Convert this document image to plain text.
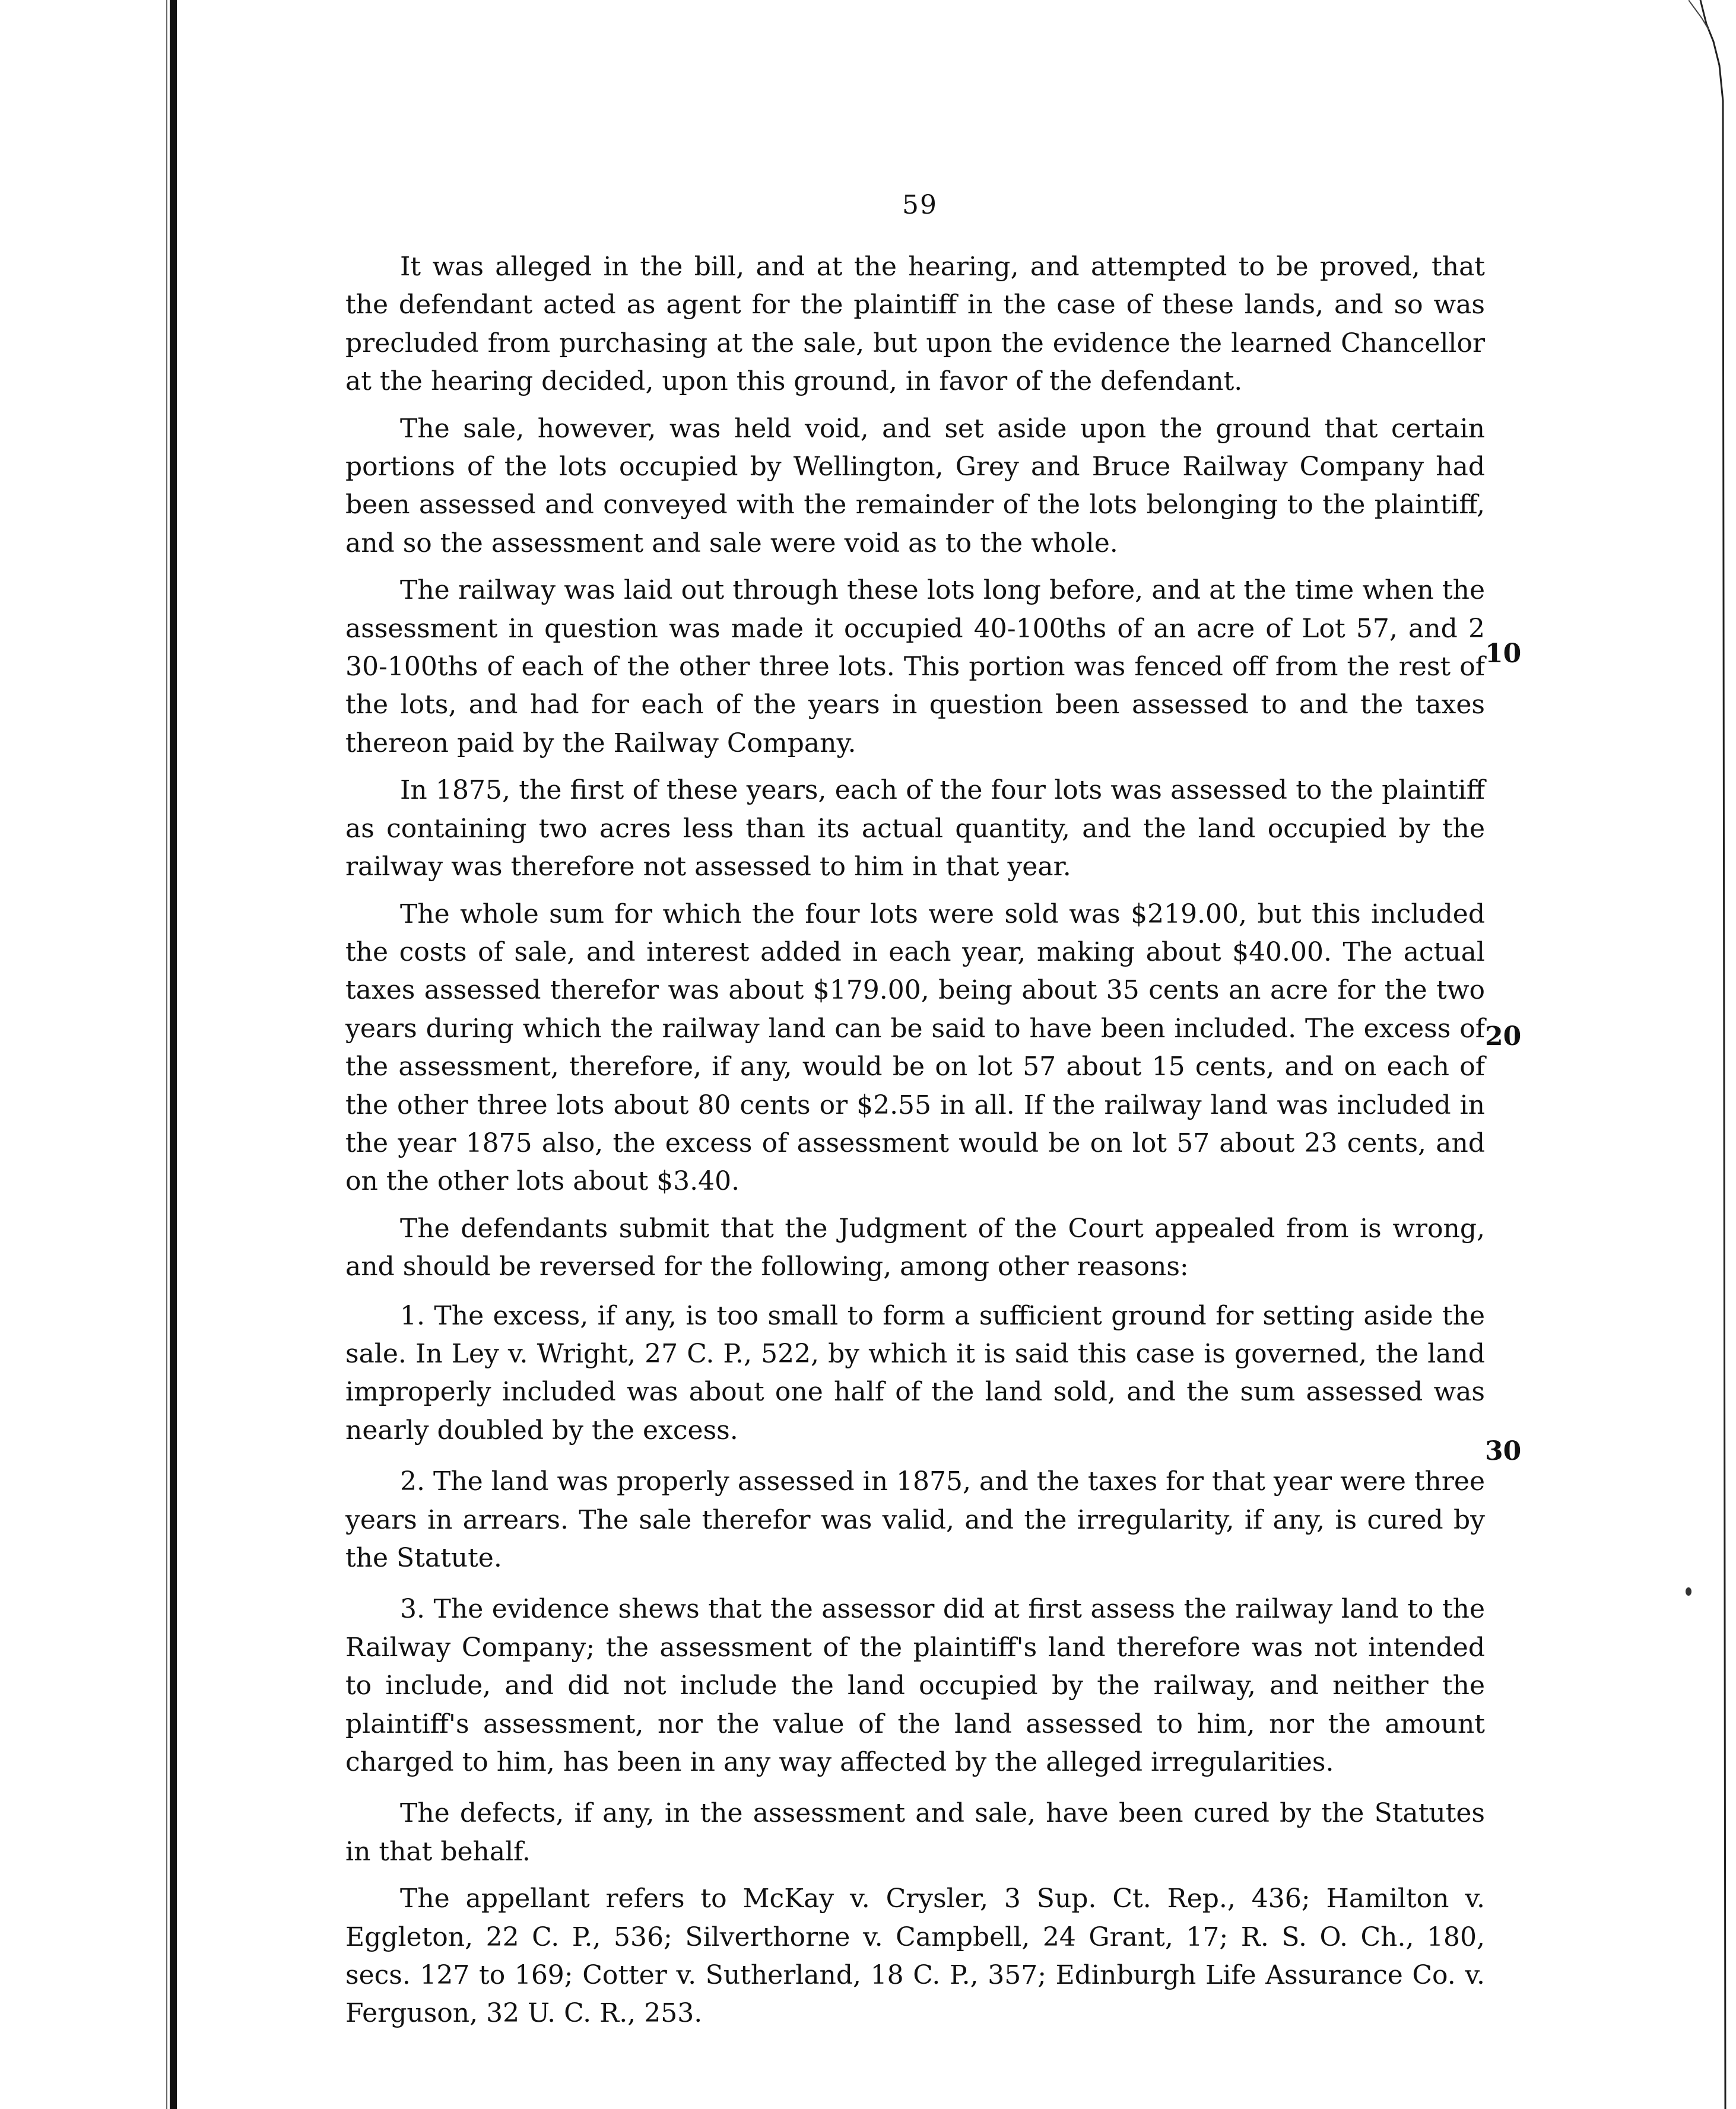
59

It was alleged in the bill, and at the hearing, and attempted to be proved, that the defendant acted as agent for the plaintiff in the case of these lands, and so was precluded from purchasing at the sale, but upon the evidence the learned Chancellor at the hearing decided, upon this ground, in favor of the defendant.

The sale, however, was held void, and set aside upon the ground that certain portions of the lots occupied by Wellington, Grey and Bruce Railway Company had been assessed and conveyed with the remainder of the lots belonging to the plaintiff, and so the assessment and sale were void as to the whole.

The railway was laid out through these lots long before, and at the time when the assessment in question was made it occupied 40-100ths of an acre of Lot 57, and 2 30-100ths of each of the other three lots. This portion was fenced off from the rest of the lots, and had for each of the years in question been assessed to and the taxes thereon paid by the Railway Company.

In 1875, the first of these years, each of the four lots was assessed to the plaintiff as containing two acres less than its actual quantity, and the land occupied by the railway was therefore not assessed to him in that year.

The whole sum for which the four lots were sold was $219.00, but this included the costs of sale, and interest added in each year, making about $40.00. The actual taxes assessed therefor was about $179.00, being about 35 cents an acre for the two years during which the railway land can be said to have been included. The excess of the assessment, therefore, if any, would be on lot 57 about 15 cents, and on each of the other three lots about 80 cents or $2.55 in all. If the railway land was included in the year 1875 also, the excess of assessment would be on lot 57 about 23 cents, and on the other lots about $3.40.

The defendants submit that the Judgment of the Court appealed from is wrong, and should be reversed for the following, among other reasons:

1. The excess, if any, is too small to form a sufficient ground for setting aside the sale. In Ley v. Wright, 27 C. P., 522, by which it is said this case is governed, the land improperly included was about one half of the land sold, and the sum assessed was nearly doubled by the excess.

2. The land was properly assessed in 1875, and the taxes for that year were three years in arrears. The sale therefor was valid, and the irregularity, if any, is cured by the Statute.

3. The evidence shews that the assessor did at first assess the railway land to the Railway Company; the assessment of the plaintiff's land therefore was not intended to include, and did not include the land occupied by the railway, and neither the plaintiff's assessment, nor the value of the land assessed to him, nor the amount charged to him, has been in any way affected by the alleged irregularities.

The defects, if any, in the assessment and sale, have been cured by the Statutes in that behalf.

The appellant refers to McKay v. Crysler, 3 Sup. Ct. Rep., 436; Hamilton v. Eggleton, 22 C. P., 536; Silverthorne v. Campbell, 24 Grant, 17; R. S. O. Ch., 180, secs. 127 to 169; Cotter v. Sutherland, 18 C. P., 357; Edinburgh Life Assurance Co. v. Ferguson, 32 U. C. R., 253.

10
20
30
